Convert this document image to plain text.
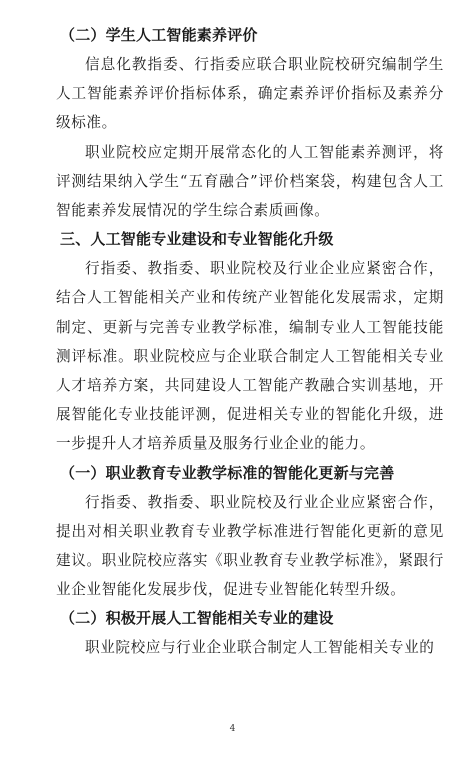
（二）学生人工智能素养评价

信息化教指委、行指委应联合职业院校研究编制学生人工智能素养评价指标体系，确定素养评价指标及素养分级标准。

职业院校应定期开展常态化的人工智能素养测评，将评测结果纳入学生“五育融合”评价档案袋，构建包含人工智能素养发展情况的学生综合素质画像。

三、人工智能专业建设和专业智能化升级

行指委、教指委、职业院校及行业企业应紧密合作，结合人工智能相关产业和传统产业智能化发展需求，定期制定、更新与完善专业教学标准，编制专业人工智能技能测评标准。职业院校应与企业联合制定人工智能相关专业人才培养方案，共同建设人工智能产教融合实训基地，开展智能化专业技能评测，促进相关专业的智能化升级，进一步提升人才培养质量及服务行业企业的能力。

（一）职业教育专业教学标准的智能化更新与完善

行指委、教指委、职业院校及行业企业应紧密合作，提出对相关职业教育专业教学标准进行智能化更新的意见建议。职业院校应落实《职业教育专业教学标准》，紧跟行业企业智能化发展步伐，促进专业智能化转型升级。

（二）积极开展人工智能相关专业的建设

职业院校应与行业企业联合制定人工智能相关专业的

4
